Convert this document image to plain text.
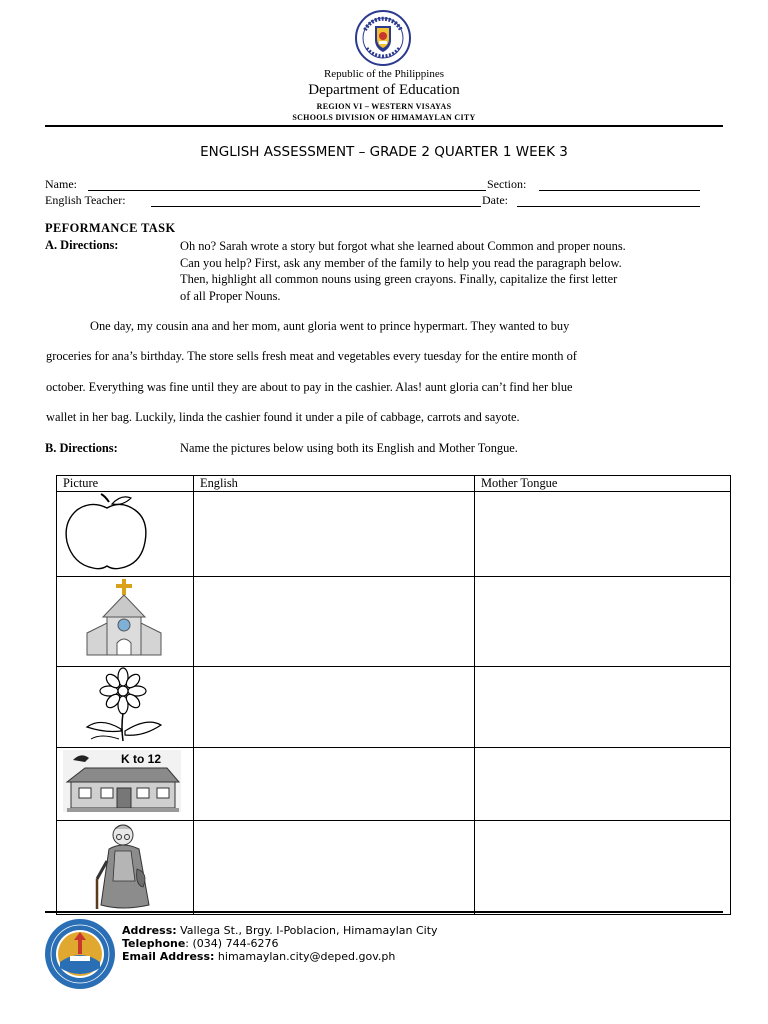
Republic of the Philippines
Department of Education
REGION VI – WESTERN VISAYAS
SCHOOLS DIVISION OF HIMAMAYLAN CITY
ENGLISH ASSESSMENT – GRADE 2 QUARTER 1 WEEK 3
Name:	Section:
English Teacher:	Date:
PEFORMANCE TASK
A. Directions:	Oh no? Sarah wrote a story but forgot what she learned about Common and proper nouns.
Can you help? First, ask any member of the family to help you read the paragraph below.
Then, highlight all common nouns using green crayons. Finally, capitalize the first letter
of all Proper Nouns.
One day, my cousin ana and her mom, aunt gloria went to prince hypermart. They wanted to buy
groceries for ana’s birthday. The store sells fresh meat and vegetables every tuesday for the entire month of
october. Everything was fine until they are about to pay in the cashier. Alas! aunt gloria can’t find her blue
wallet in her bag. Luckily, linda the cashier found it under a pile of cabbage, carrots and sayote.
B. Directions:	Name the pictures below using both its English and Mother Tongue.
Picture	English	Mother Tongue

K to 12		

Address: Vallega St., Brgy. I-Poblacion, Himamaylan City
Telephone: (034) 744-6276
Email Address: himamaylan.city@deped.gov.ph
